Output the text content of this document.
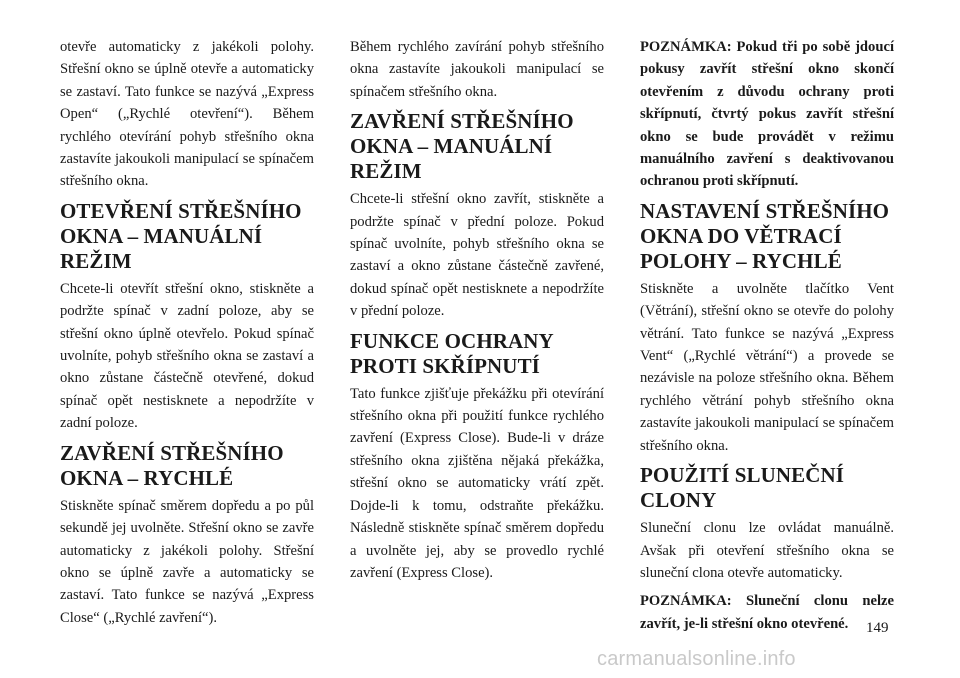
otevře automaticky z jakékoli polohy. Střešní okno se úplně otevře a automaticky se zastaví. Tato funkce se nazývá „Express Open“ („Rychlé otevření“). Během rychlého otevírání pohyb střešního okna zastavíte jakoukoli manipulací se spínačem střešního okna.

OTEVŘENÍ STŘEŠNÍHO OKNA – MANUÁLNÍ REŽIM

Chcete-li otevřít střešní okno, stiskněte a podržte spínač v zadní poloze, aby se střešní okno úplně otevřelo. Pokud spínač uvolníte, pohyb střešního okna se zastaví a okno zůstane částečně otevřené, dokud spínač opět nestisknete a nepodržíte v zadní poloze.

ZAVŘENÍ STŘEŠNÍHO OKNA – RYCHLÉ

Stiskněte spínač směrem dopředu a po půl sekundě jej uvolněte. Střešní okno se zavře automaticky z jakékoli polohy. Střešní okno se úplně zavře a automaticky se zastaví. Tato funkce se nazývá „Express Close“ („Rychlé zavření“).

Během rychlého zavírání pohyb střešního okna zastavíte jakoukoli manipulací se spínačem střešního okna.

ZAVŘENÍ STŘEŠNÍHO OKNA – MANUÁLNÍ REŽIM

Chcete-li střešní okno zavřít, stiskněte a podržte spínač v přední poloze. Pokud spínač uvolníte, pohyb střešního okna se zastaví a okno zůstane částečně zavřené, dokud spínač opět nestisknete a nepodržíte v přední poloze.

FUNKCE OCHRANY PROTI SKŘÍPNUTÍ

Tato funkce zjišťuje překážku při otevírání střešního okna při použití funkce rychlého zavření (Express Close). Bude-li v dráze střešního okna zjištěna nějaká překážka, střešní okno se automaticky vrátí zpět. Dojde-li k tomu, odstraňte překážku. Následně stiskněte spínač směrem dopředu a uvolněte jej, aby se provedlo rychlé zavření (Express Close).

POZNÁMKA: Pokud tři po sobě jdoucí pokusy zavřít střešní okno skončí otevřením z důvodu ochrany proti skřípnutí, čtvrtý pokus zavřít střešní okno se bude provádět v režimu manuálního zavření s deaktivovanou ochranou proti skřípnutí.

NASTAVENÍ STŘEŠNÍHO OKNA DO VĚTRACÍ POLOHY – RYCHLÉ

Stiskněte a uvolněte tlačítko Vent (Větrání), střešní okno se otevře do polohy větrání. Tato funkce se nazývá „Express Vent“ („Rychlé větrání“) a provede se nezávisle na poloze střešního okna. Během rychlého větrání pohyb střešního okna zastavíte jakoukoli manipulací se spínačem střešního okna.

POUŽITÍ SLUNEČNÍ CLONY

Sluneční clonu lze ovládat manuálně. Avšak při otevření střešního okna se sluneční clona otevře automaticky.

POZNÁMKA: Sluneční clonu nelze zavřít, je-li střešní okno otevřené.	149
carmanualsonline.info
